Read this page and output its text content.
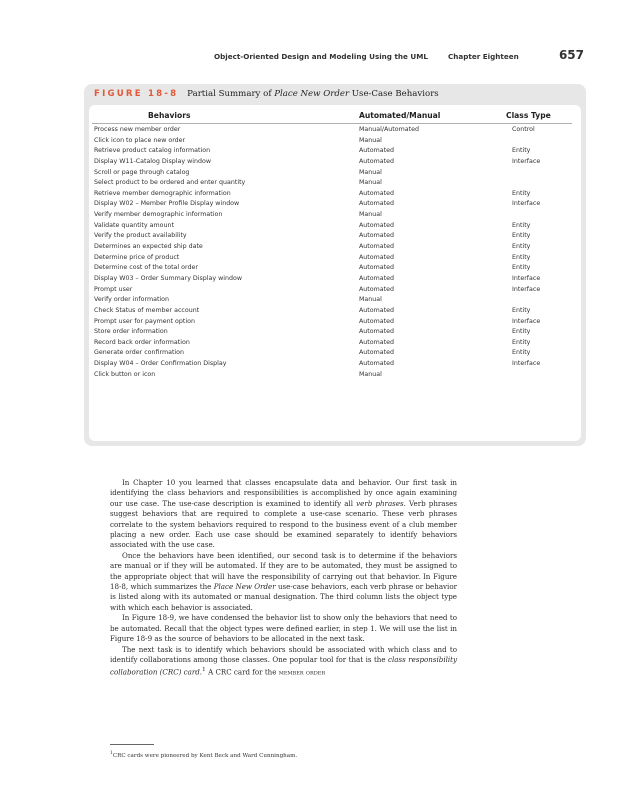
Object-Oriented Design and Modeling Using the UML	Chapter Eighteen	657
FIGURE 18-8 Partial Summary of Place New Order Use-Case Behaviors
Behaviors	Automated/Manual	Class Type
Process new member order	Manual/Automated	Control
Click icon to place new order	Manual
Retrieve product catalog information	Automated	Entity
Display W11-Catalog Display window	Automated	Interface
Scroll or page through catalog	Manual
Select product to be ordered and enter quantity	Manual
Retrieve member demographic information	Automated	Entity
Display W02 – Member Profile Display window	Automated	Interface
Verify member demographic information	Manual
Validate quantity amount	Automated	Entity
Verify the product availability	Automated	Entity
Determines an expected ship date	Automated	Entity
Determine price of product	Automated	Entity
Determine cost of the total order	Automated	Entity
Display W03 – Order Summary Display window	Automated	Interface
Prompt user	Automated	Interface
Verify order information	Manual
Check Status of member account	Automated	Entity
Prompt user for payment option	Automated	Interface
Store order information	Automated	Entity
Record back order information	Automated	Entity
Generate order confirmation	Automated	Entity
Display W04 – Order Confirmation Display	Automated	Interface
Click button or icon	Manual

In Chapter 10 you learned that classes encapsulate data and behavior. Our first task in identifying the class behaviors and responsibilities is accomplished by once again examining our use case. The use-case description is examined to identify all verb phrases. Verb phrases suggest behaviors that are required to complete a use-case scenario. These verb phrases correlate to the system behaviors required to respond to the business event of a club member placing a new order. Each use case should be examined separately to identify behaviors associated with the use case.

Once the behaviors have been identified, our second task is to determine if the behaviors are manual or if they will be automated. If they are to be automated, they must be assigned to the appropriate object that will have the responsibility of carrying out that behavior. In Figure 18-8, which summarizes the Place New Order use-case behaviors, each verb phrase or behavior is listed along with its automated or manual designation. The third column lists the object type with which each behavior is associated.

In Figure 18-9, we have condensed the behavior list to show only the behaviors that need to be automated. Recall that the object types were defined earlier, in step 1. We will use the list in Figure 18-9 as the source of behaviors to be allocated in the next task.

The next task is to identify which behaviors should be associated with which class and to identify collaborations among those classes. One popular tool for that is the class responsibility collaboration (CRC) card.$^1$ A CRC card for the member order

$^1$CRC cards were pioneered by Kent Beck and Ward Cunningham.
